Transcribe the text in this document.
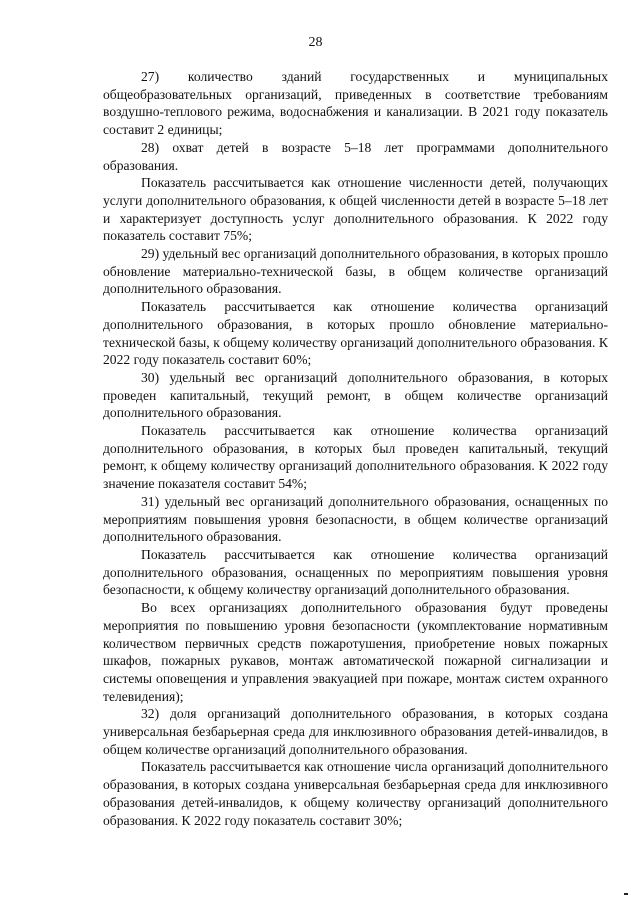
28

27) количество зданий государственных и муниципальных общеобразовательных организаций, приведенных в соответствие требованиям воздушно-теплового режима, водоснабжения и канализации. В 2021 году показатель составит 2 единицы;

28) охват детей в возрасте 5–18 лет программами дополнительного образования.

Показатель рассчитывается как отношение численности детей, получающих услуги дополнительного образования, к общей численности детей в возрасте 5–18 лет и характеризует доступность услуг дополнительного образования. К 2022 году показатель составит 75%;

29) удельный вес организаций дополнительного образования, в которых прошло обновление материально-технической базы, в общем количестве организаций дополнительного образования.

Показатель рассчитывается как отношение количества организаций дополнительного образования, в которых прошло обновление материально-технической базы, к общему количеству организаций дополнительного образования. К 2022 году показатель составит 60%;

30) удельный вес организаций дополнительного образования, в которых проведен капитальный, текущий ремонт, в общем количестве организаций дополнительного образования.

Показатель рассчитывается как отношение количества организаций дополнительного образования, в которых был проведен капитальный, текущий ремонт, к общему количеству организаций дополнительного образования. К 2022 году значение показателя составит 54%;

31) удельный вес организаций дополнительного образования, оснащенных по мероприятиям повышения уровня безопасности, в общем количестве организаций дополнительного образования.

Показатель рассчитывается как отношение количества организаций дополнительного образования, оснащенных по мероприятиям повышения уровня безопасности, к общему количеству организаций дополнительного образования.

Во всех организациях дополнительного образования будут проведены мероприятия по повышению уровня безопасности (укомплектование нормативным количеством первичных средств пожаротушения, приобретение новых пожарных шкафов, пожарных рукавов, монтаж автоматической пожарной сигнализации и системы оповещения и управления эвакуацией при пожаре, монтаж систем охранного телевидения);

32) доля организаций дополнительного образования, в которых создана универсальная безбарьерная среда для инклюзивного образования детей-инвалидов, в общем количестве организаций дополнительного образования.

Показатель рассчитывается как отношение числа организаций дополнительного образования, в которых создана универсальная безбарьерная среда для инклюзивного образования детей-инвалидов, к общему количеству организаций дополнительного образования. К 2022 году показатель составит 30%;
